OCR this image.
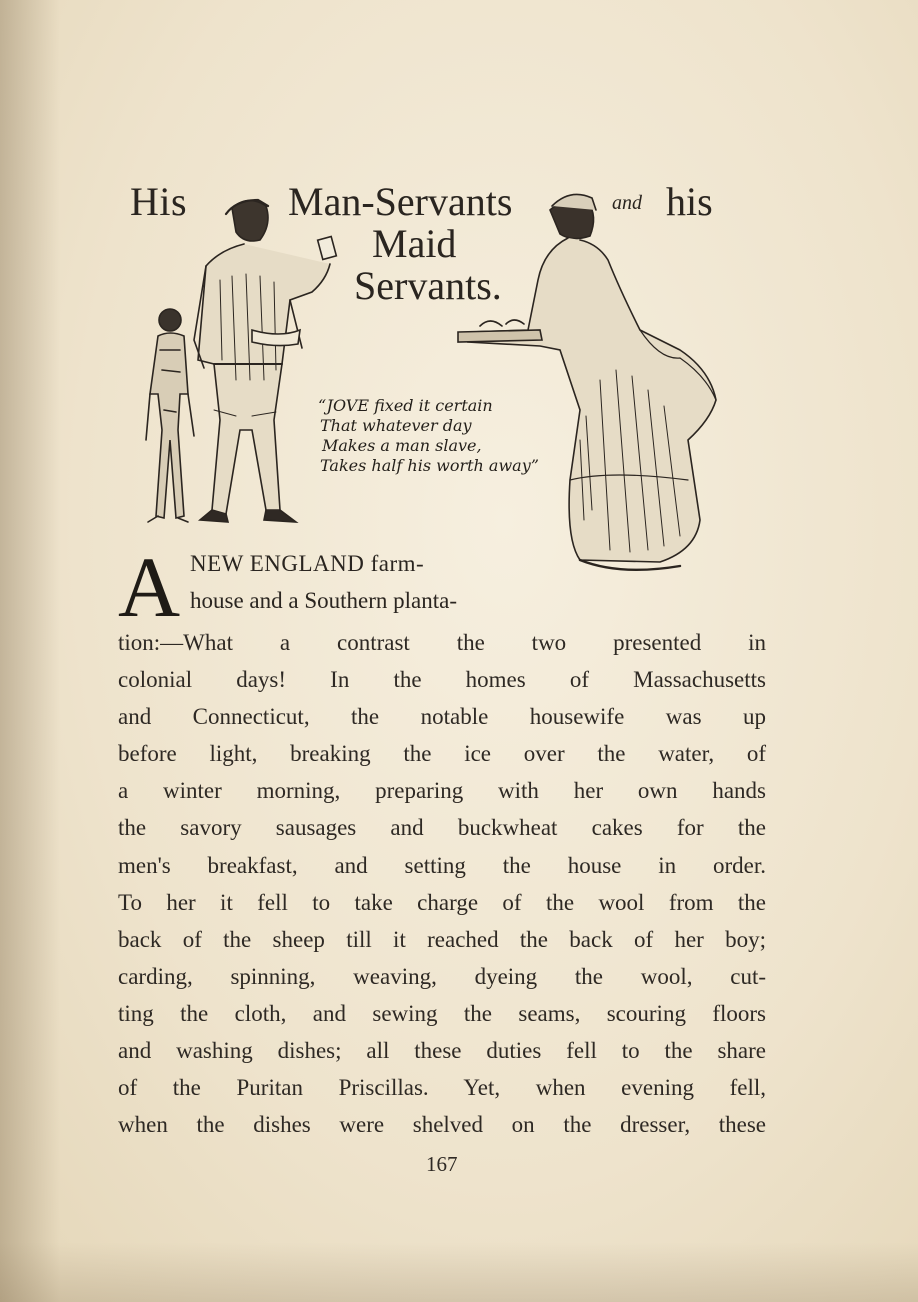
His	Man-Servants	and his
Maid
Servants.
“JOVE fixed it certain
That whatever day
Makes a man slave,
Takes half his worth away”
A NEW ENGLAND farm-
house and a Southern planta-
tion:—What a contrast the two presented in
colonial days! In the homes of Massachusetts
and Connecticut, the notable housewife was up
before light, breaking the ice over the water, of
a winter morning, preparing with her own hands
the savory sausages and buckwheat cakes for the
men's breakfast, and setting the house in order.
To her it fell to take charge of the wool from the
back of the sheep till it reached the back of her boy;
carding, spinning, weaving, dyeing the wool, cut-
ting the cloth, and sewing the seams, scouring floors
and washing dishes; all these duties fell to the share
of the Puritan Priscillas. Yet, when evening fell,
when the dishes were shelved on the dresser, these
167
